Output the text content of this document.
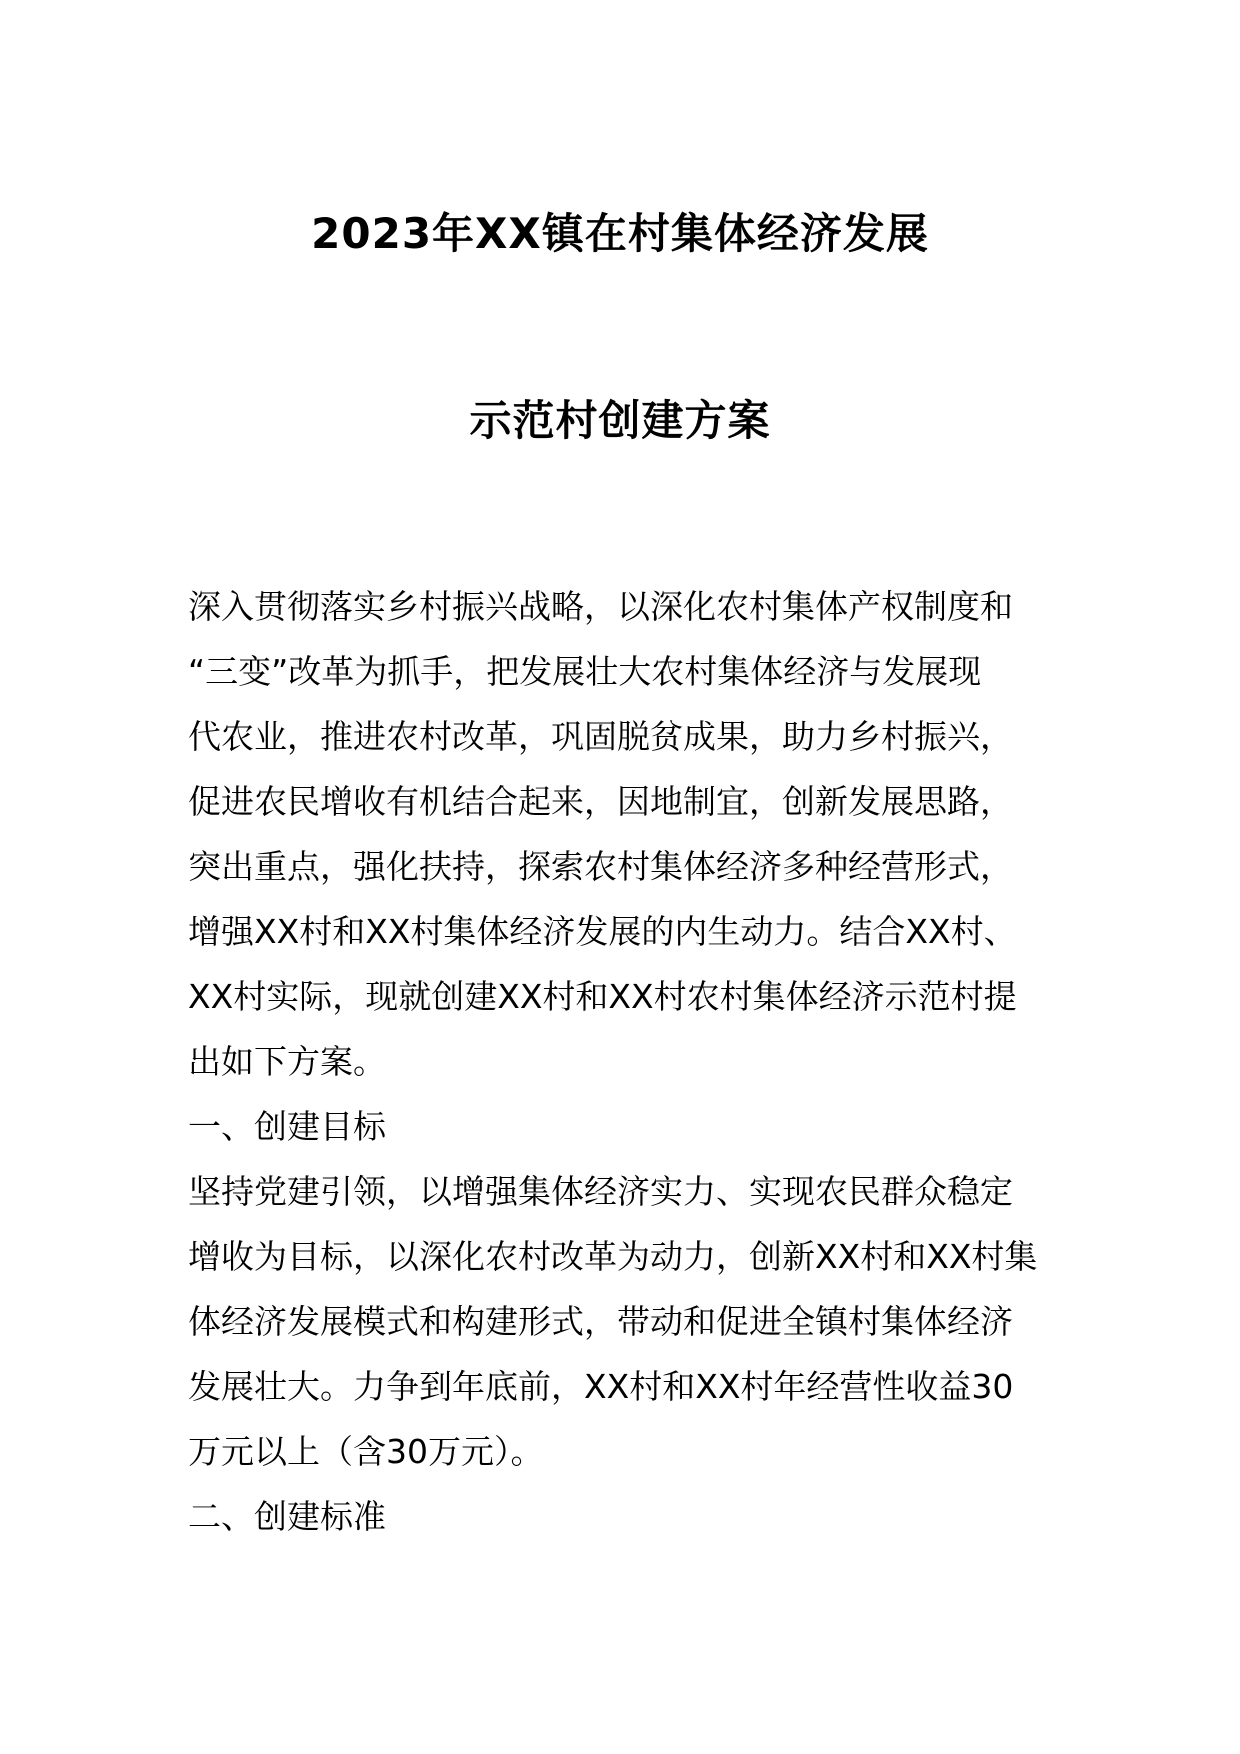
2023年XX镇在村集体经济发展
示范村创建方案
深入贯彻落实乡村振兴战略，以深化农村集体产权制度和
“三变”改革为抓手，把发展壮大农村集体经济与发展现
代农业，推进农村改革，巩固脱贫成果，助力乡村振兴，
促进农民增收有机结合起来，因地制宜，创新发展思路，
突出重点，强化扶持，探索农村集体经济多种经营形式，
增强XX村和XX村集体经济发展的内生动力。结合XX村、
XX村实际，现就创建XX村和XX村农村集体经济示范村提
出如下方案。
一、创建目标
坚持党建引领，以增强集体经济实力、实现农民群众稳定
增收为目标，以深化农村改革为动力，创新XX村和XX村集
体经济发展模式和构建形式，带动和促进全镇村集体经济
发展壮大。力争到年底前，XX村和XX村年经营性收益30
万元以上（含30万元）。
二、创建标准
